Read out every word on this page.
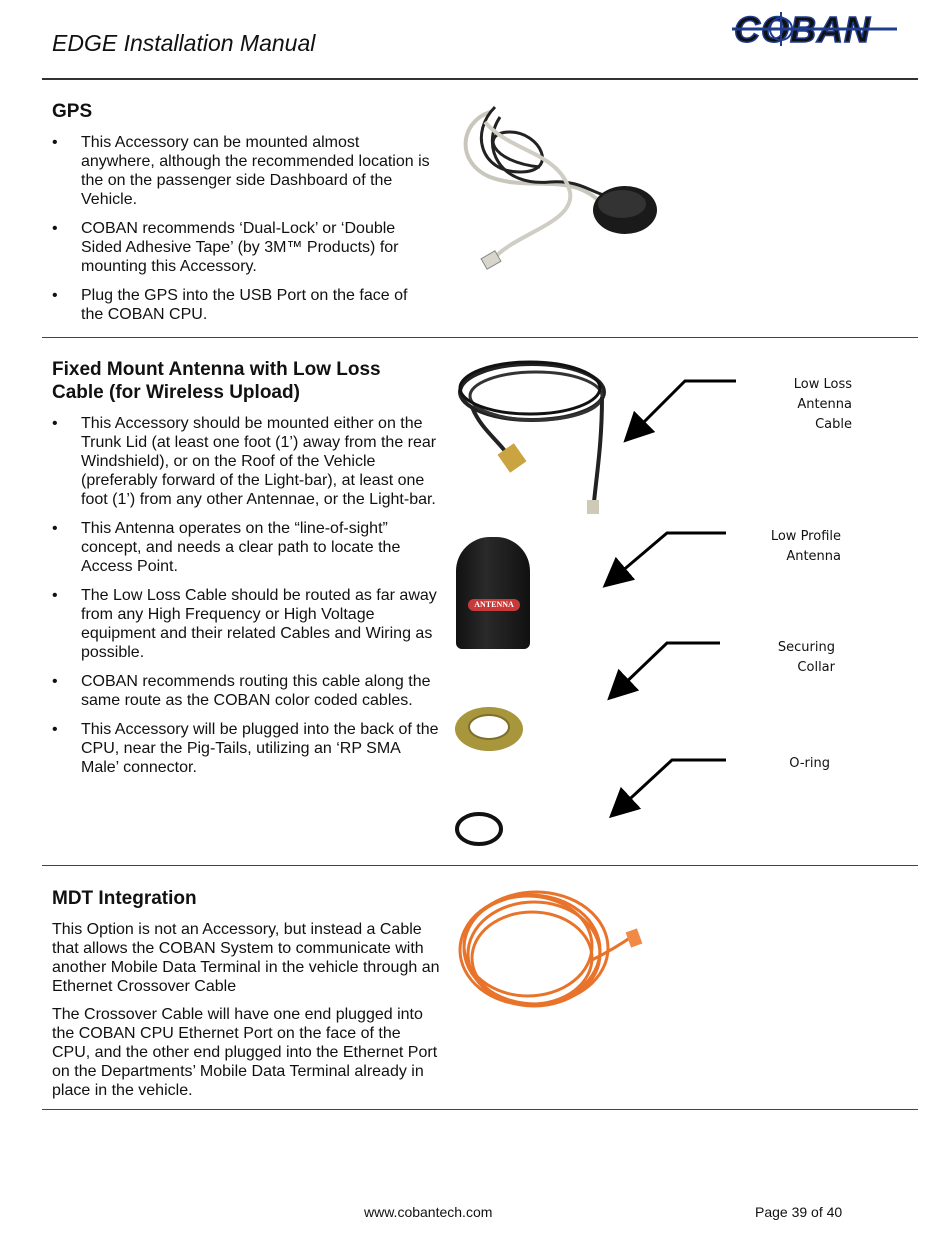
EDGE Installation Manual	COBAN
GPS
• This Accessory can be mounted almost anywhere, although the recommended location is the on the passenger side Dashboard of the Vehicle.
• COBAN recommends ‘Dual-Lock’ or ‘Double Sided Adhesive Tape’ (by 3M™ Products) for mounting this Accessory.
• Plug the GPS into the USB Port on the face of the COBAN CPU.
Fixed Mount Antenna with Low Loss
Cable (for Wireless Upload)
• This Accessory should be mounted either on the Trunk Lid (at least one foot (1’) away from the rear Windshield), or on the Roof of the Vehicle (preferably forward of the Light-bar), at least one foot (1’) from any other Antennae, or the Light-bar.
• This Antenna operates on the “line-of-sight” concept, and needs a clear path to locate the Access Point.
• The Low Loss Cable should be routed as far away from any High Frequency or High Voltage equipment and their related Cables and Wiring as possible.
• COBAN recommends routing this cable along the same route as the COBAN color coded cables.
• This Accessory will be plugged into the back of the CPU, near the Pig-Tails, utilizing an ‘RP SMA Male’ connector.
ANTENNA
Low Loss
Antenna
Cable
Low Profile
Antenna
Securing
Collar
O-ring
MDT Integration
This Option is not an Accessory, but instead a Cable that allows the COBAN System to communicate with another Mobile Data Terminal in the vehicle through an Ethernet Crossover Cable
The Crossover Cable will have one end plugged into the COBAN CPU Ethernet Port on the face of the CPU, and the other end plugged into the Ethernet Port on the Departments’ Mobile Data Terminal already in place in the vehicle.
www.cobantech.com	Page 39 of 40
